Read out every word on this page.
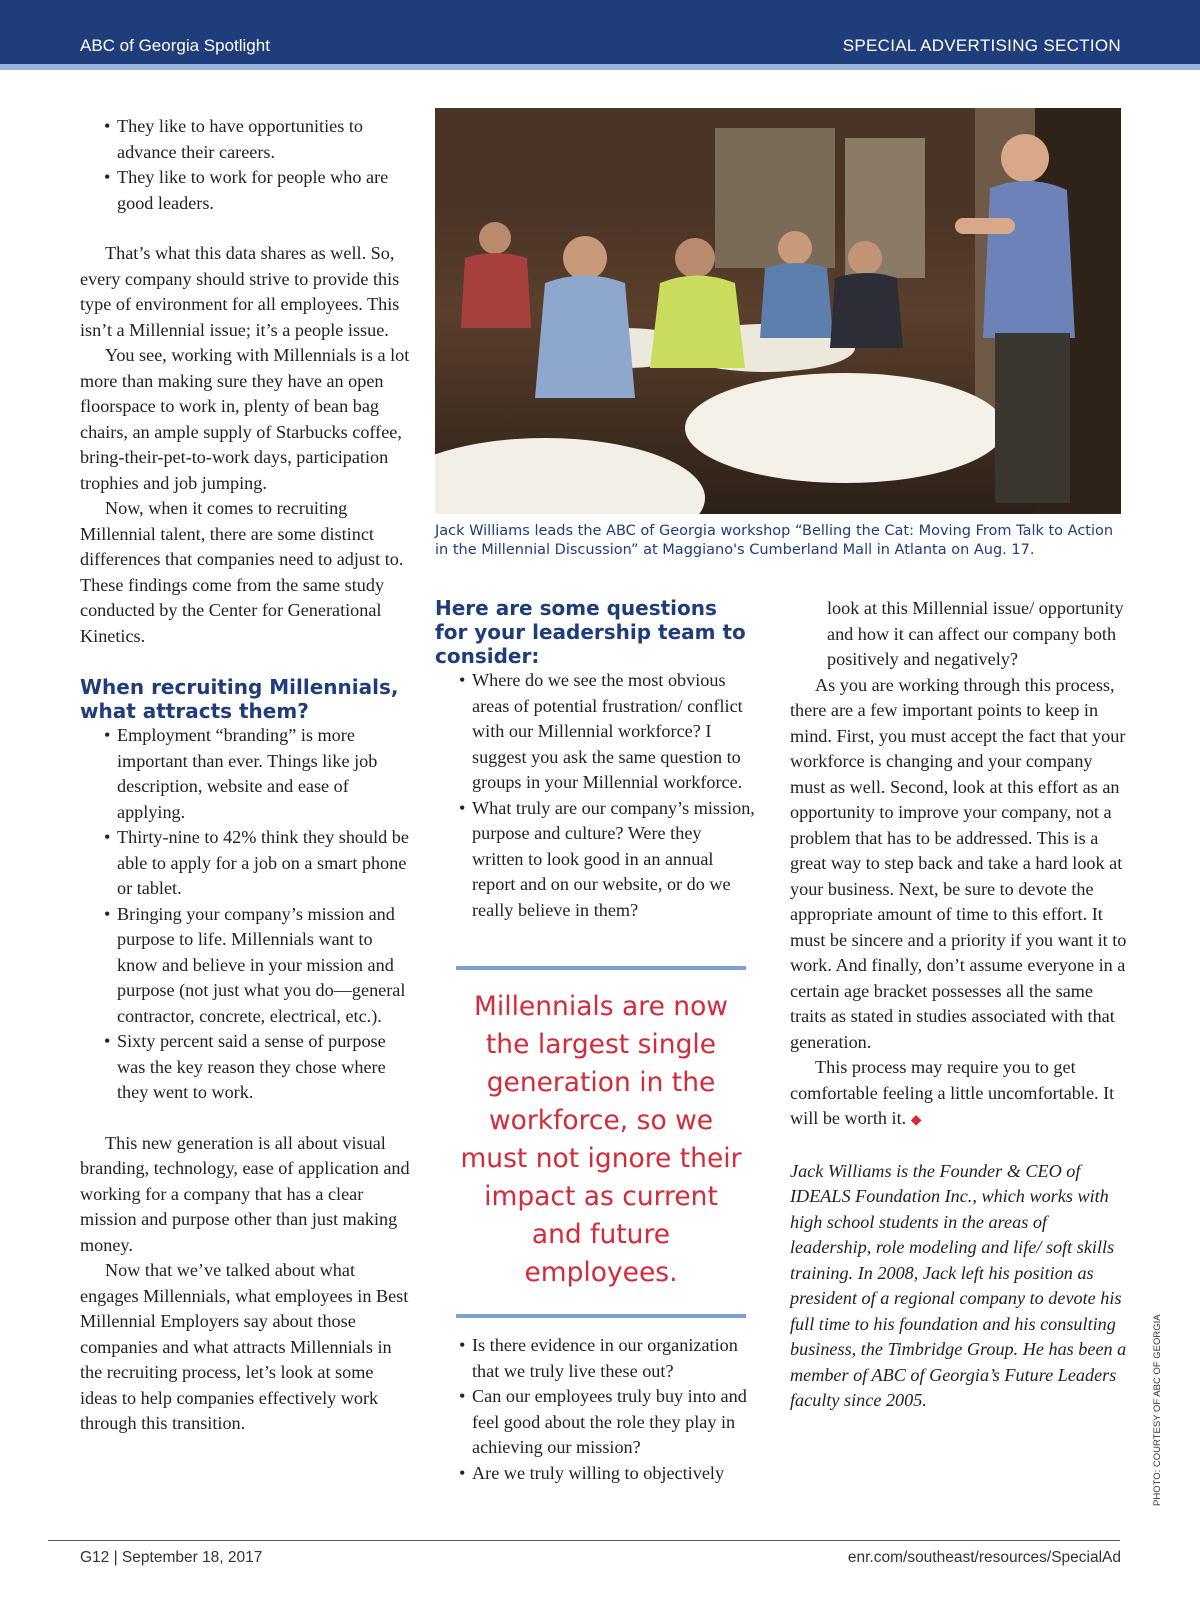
ABC of Georgia Spotlight	SPECIAL ADVERTISING SECTION
• They like to have opportunities to advance their careers.
• They like to work for people who are good leaders.

That’s what this data shares as well. So, every company should strive to provide this type of environment for all employees. This isn’t a Millennial issue; it’s a people issue.

You see, working with Millennials is a lot more than making sure they have an open floorspace to work in, plenty of bean bag chairs, an ample supply of Starbucks coffee, bring-their-pet-to-work days, participation trophies and job jumping.

Now, when it comes to recruiting Millennial talent, there are some distinct differences that companies need to adjust to. These findings come from the same study conducted by the Center for Generational Kinetics.

When recruiting Millennials, what attracts them?
• Employment “branding” is more important than ever. Things like job description, website and ease of applying.
• Thirty-nine to 42% think they should be able to apply for a job on a smart phone or tablet.
• Bringing your company’s mission and purpose to life. Millennials want to know and believe in your mission and purpose (not just what you do—general contractor, concrete, electrical, etc.).
• Sixty percent said a sense of purpose was the key reason they chose where they went to work.

This new generation is all about visual branding, technology, ease of application and working for a company that has a clear mission and purpose other than just making money.

Now that we’ve talked about what engages Millennials, what employees in Best Millennial Employers say about those companies and what attracts Millennials in the recruiting process, let’s look at some ideas to help companies effectively work through this transition.

Jack Williams leads the ABC of Georgia workshop “Belling the Cat: Moving From Talk to Action in the Millennial Discussion” at Maggiano's Cumberland Mall in Atlanta on Aug. 17.
PHOTO: COURTESY OF ABC OF GEORGIA
Here are some questions for your leadership team to consider:
• Where do we see the most obvious areas of potential frustration/ conflict with our Millennial workforce? I suggest you ask the same question to groups in your Millennial workforce.
• What truly are our company’s mission, purpose and culture? Were they written to look good in an annual report and on our website, or do we really believe in them?
Millennials are now the largest single generation in the workforce, so we must not ignore their impact as current and future employees.
• Is there evidence in our organization that we truly live these out?
• Can our employees truly buy into and feel good about the role they play in achieving our mission?
• Are we truly willing to objectively

look at this Millennial issue/ opportunity and how it can affect our company both positively and negatively?

As you are working through this process, there are a few important points to keep in mind. First, you must accept the fact that your workforce is changing and your company must as well. Second, look at this effort as an opportunity to improve your company, not a problem that has to be addressed. This is a great way to step back and take a hard look at your business. Next, be sure to devote the appropriate amount of time to this effort. It must be sincere and a priority if you want it to work. And finally, don’t assume everyone in a certain age bracket possesses all the same traits as stated in studies associated with that generation.

This process may require you to get comfortable feeling a little uncomfortable. It will be worth it. ◆

Jack Williams is the Founder & CEO of IDEALS Foundation Inc., which works with high school students in the areas of leadership, role modeling and life/ soft skills training. In 2008, Jack left his position as president of a regional company to devote his full time to his foundation and his consulting business, the Timbridge Group. He has been a member of ABC of Georgia’s Future Leaders faculty since 2005.

G12 | September 18, 2017	enr.com/southeast/resources/SpecialAd
